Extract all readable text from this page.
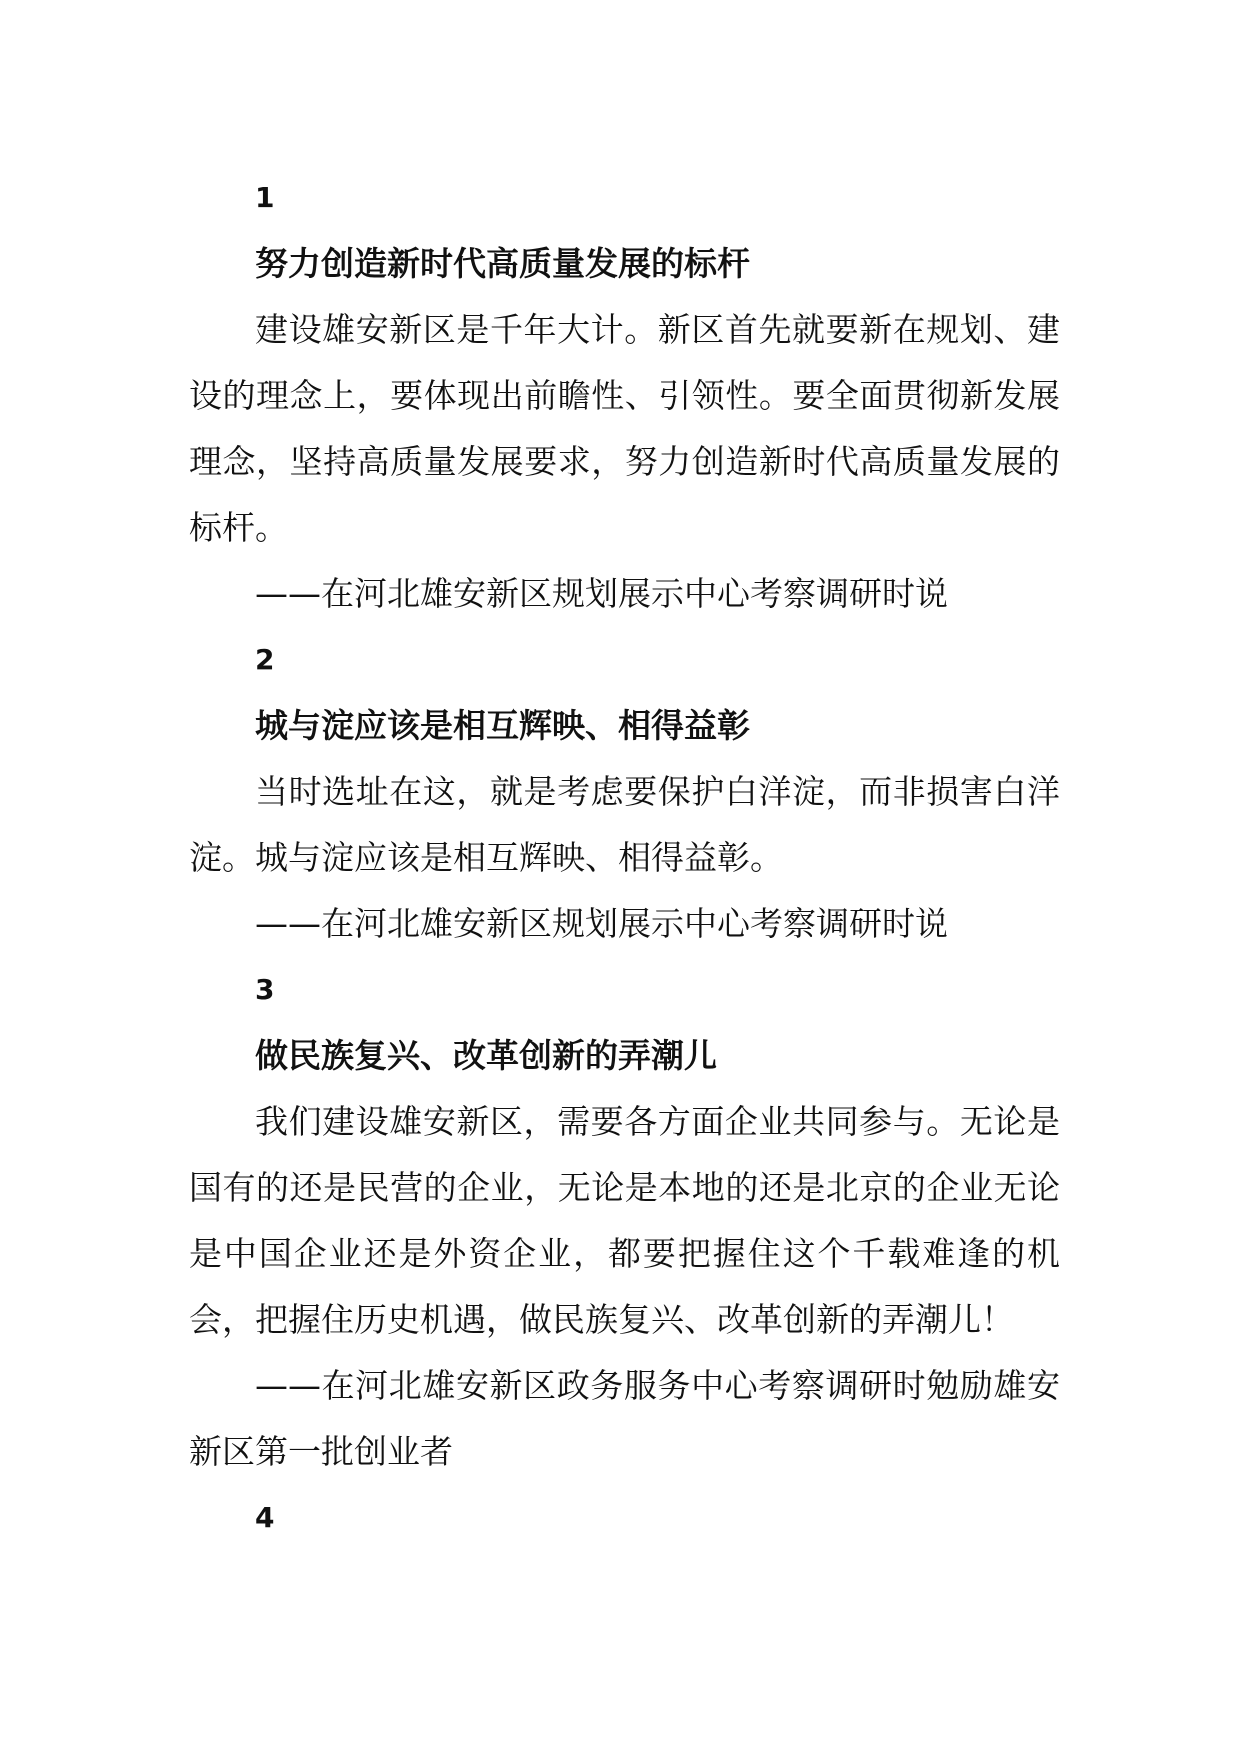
1

努力创造新时代高质量发展的标杆

建设雄安新区是千年大计。新区首先就要新在规划、建设的理念上，要体现出前瞻性、引领性。要全面贯彻新发展理念，坚持高质量发展要求，努力创造新时代高质量发展的标杆。

——在河北雄安新区规划展示中心考察调研时说

2

城与淀应该是相互辉映、相得益彰

当时选址在这，就是考虑要保护白洋淀，而非损害白洋淀。城与淀应该是相互辉映、相得益彰。

——在河北雄安新区规划展示中心考察调研时说

3

做民族复兴、改革创新的弄潮儿

我们建设雄安新区，需要各方面企业共同参与。无论是国有的还是民营的企业，无论是本地的还是北京的企业无论是中国企业还是外资企业，都要把握住这个千载难逢的机会，把握住历史机遇，做民族复兴、改革创新的弄潮儿！

——在河北雄安新区政务服务中心考察调研时勉励雄安新区第一批创业者

4
